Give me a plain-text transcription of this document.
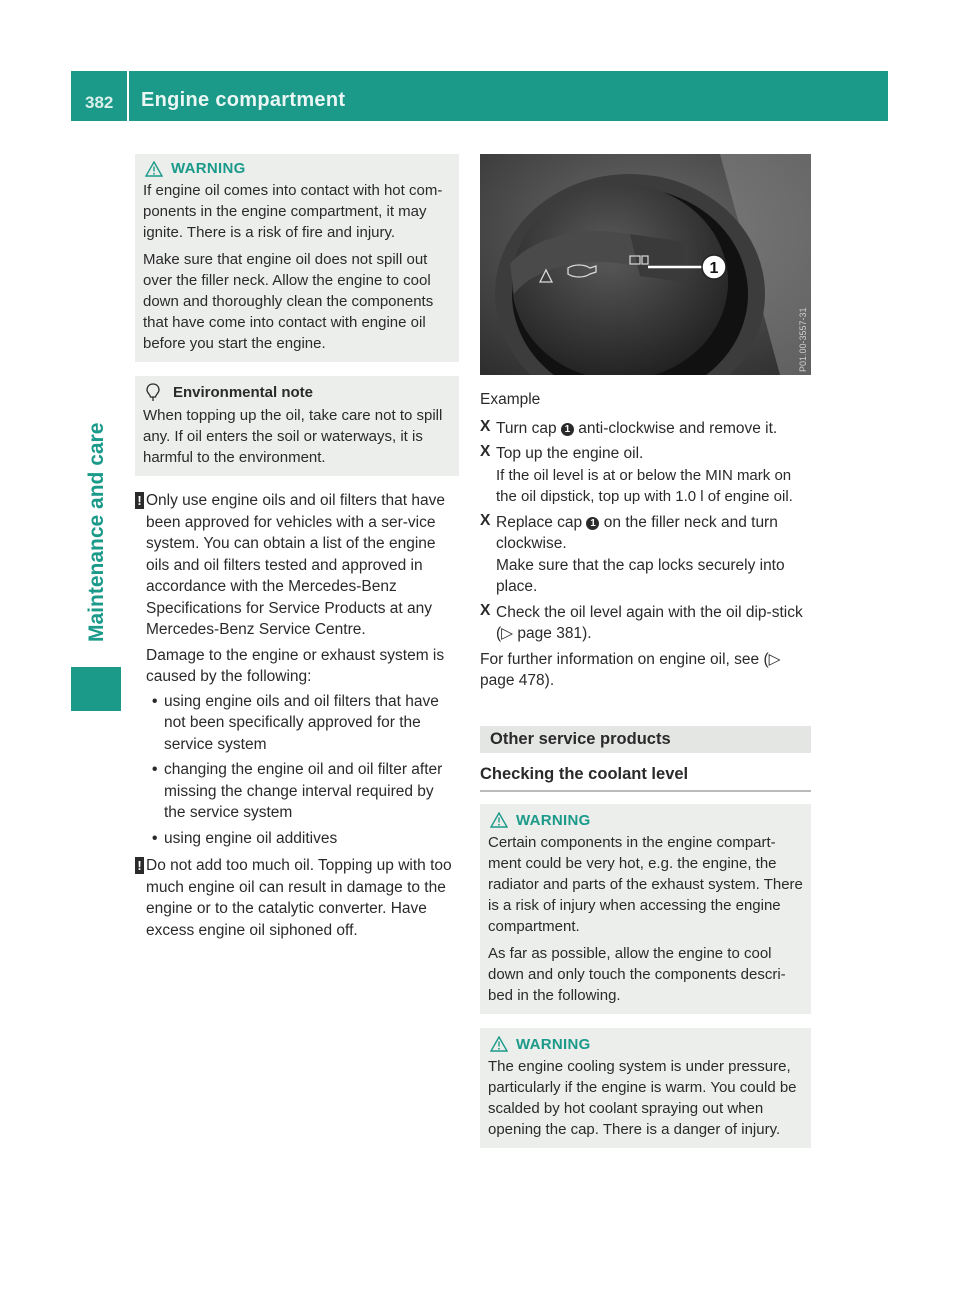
382 Engine compartment
Maintenance and care
WARNING

If engine oil comes into contact with hot com-ponents in the engine compartment, it may ignite. There is a risk of fire and injury.

Make sure that engine oil does not spill out over the filler neck. Allow the engine to cool down and thoroughly clean the components that have come into contact with engine oil before you start the engine.

Environmental note

When topping up the oil, take care not to spill any. If oil enters the soil or waterways, it is harmful to the environment.

! Only use engine oils and oil filters that have been approved for vehicles with a ser-vice system. You can obtain a list of the engine oils and oil filters tested and approved in accordance with the Mercedes-Benz Specifications for Service Products at any Mercedes-Benz Service Centre.

Damage to the engine or exhaust system is caused by the following:

• using engine oils and oil filters that have not been specifically approved for the service system
• changing the engine oil and oil filter after missing the change interval required by the service system
• using engine oil additives
! Do not add too much oil. Topping up with too much engine oil can result in damage to the engine or to the catalytic converter. Have excess engine oil siphoned off.

1
P01.00-3557-31

Example

X Turn cap 1 anti-clockwise and remove it.

X Top up the engine oil.

If the oil level is at or below the MIN mark on the oil dipstick, top up with 1.0 l of engine oil.

X Replace cap 1 on the filler neck and turn clockwise.

Make sure that the cap locks securely into place.

X Check the oil level again with the oil dip-stick (▷ page 381).

For further information on engine oil, see (▷ page 478).

Other service products
Checking the coolant level
WARNING

Certain components in the engine compart-ment could be very hot, e.g. the engine, the radiator and parts of the exhaust system. There is a risk of injury when accessing the engine compartment.

As far as possible, allow the engine to cool down and only touch the components descri-bed in the following.

WARNING

The engine cooling system is under pressure, particularly if the engine is warm. You could be scalded by hot coolant spraying out when opening the cap. There is a danger of injury.
